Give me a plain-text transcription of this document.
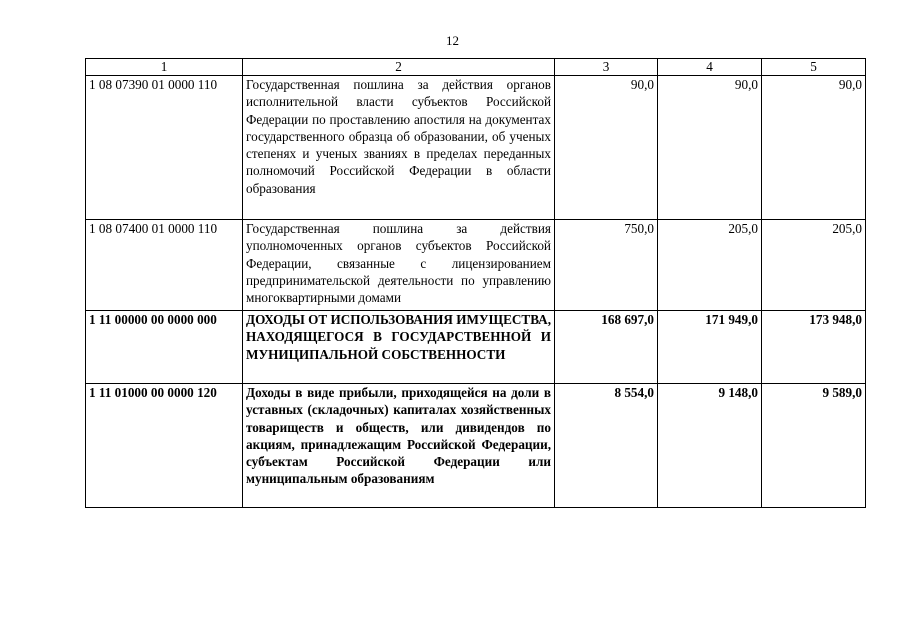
12
1	2	3	4	5
1 08 07390 01 0000 110	Государственная пошлина за действия органов исполнительной власти субъектов Российской Федерации по проставлению апостиля на документах государственного образца об образовании, об ученых степенях и ученых званиях в пределах переданных полномочий Российской Федерации в области образования	90,0	90,0	90,0
1 08 07400 01 0000 110	Государственная пошлина за действия уполномоченных органов субъектов Российской Федерации, связанные с лицензированием предпринимательской деятельности по управлению многоквартирными домами	750,0	205,0	205,0
1 11 00000 00 0000 000	ДОХОДЫ ОТ ИСПОЛЬЗОВАНИЯ ИМУЩЕСТВА, НАХОДЯЩЕГОСЯ В ГОСУДАРСТВЕННОЙ И МУНИЦИПАЛЬНОЙ СОБСТВЕННОСТИ	168 697,0	171 949,0	173 948,0
1 11 01000 00 0000 120	Доходы в виде прибыли, приходящейся на доли в уставных (складочных) капиталах хозяйственных товариществ и обществ, или дивидендов по акциям, принадлежащим Российской Федерации, субъектам Российской Федерации или муниципальным образованиям	8 554,0	9 148,0	9 589,0
